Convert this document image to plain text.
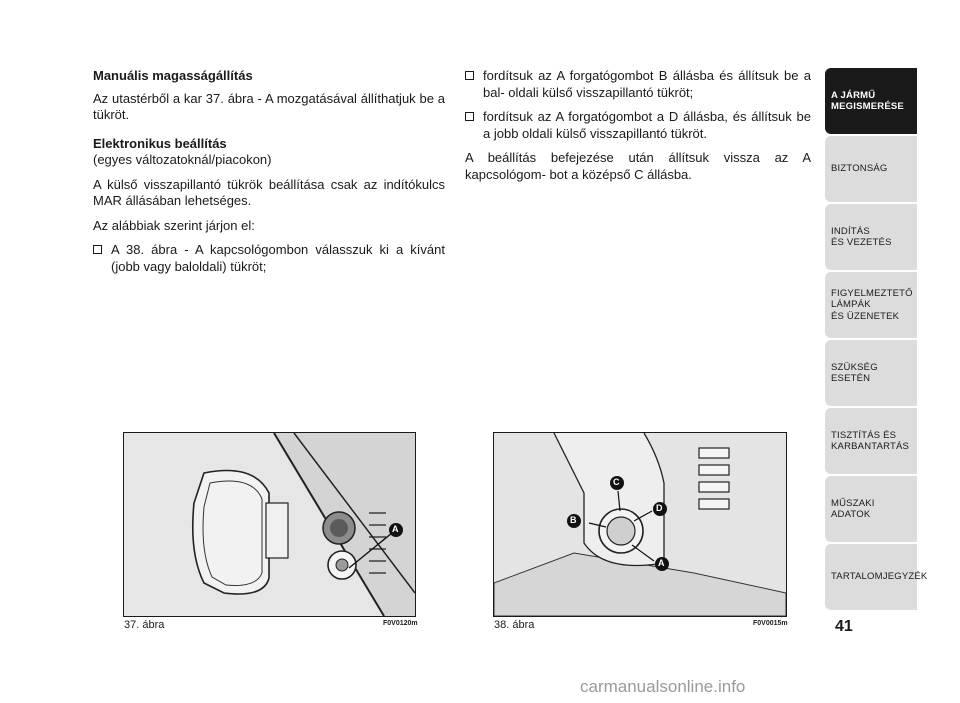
Manuális magasságállítás

Az utastérből a kar 37. ábra - A mozgatásával állíthatjuk be a tükröt.

Elektronikus beállítás

(egyes változatoknál/piacokon)

A külső visszapillantó tükrök beállítása csak az indítókulcs MAR állásában lehetséges.

Az alábbiak szerint járjon el:

A 38. ábra - A kapcsológombon válasszuk ki a kívánt (jobb vagy baloldali) tükröt;
fordítsuk az A forgatógombot B állásba és állítsuk be a bal- oldali külső visszapillantó tükröt;
fordítsuk az A forgatógombot a D állásba, és állítsuk be a jobb oldali külső visszapillantó tükröt.

A beállítás befejezése után állítsuk vissza az A kapcsológom- bot a középső C állásba.

A
37. ábra	F0V0120m
B
C
D
A
38. ábra	F0V0015m
A JÁRMŰ
MEGISMERÉSE
BIZTONSÁG
INDÍTÁS
ÉS VEZETÉS
FIGYELMEZTETŐ
LÁMPÁK
ÉS ÜZENETEK
SZÜKSÉG
ESETÉN
TISZTÍTÁS ÉS
KARBANTARTÁS
MŰSZAKI
ADATOK
TARTALOMJEGYZÉK
41
carmanualsonline.info
